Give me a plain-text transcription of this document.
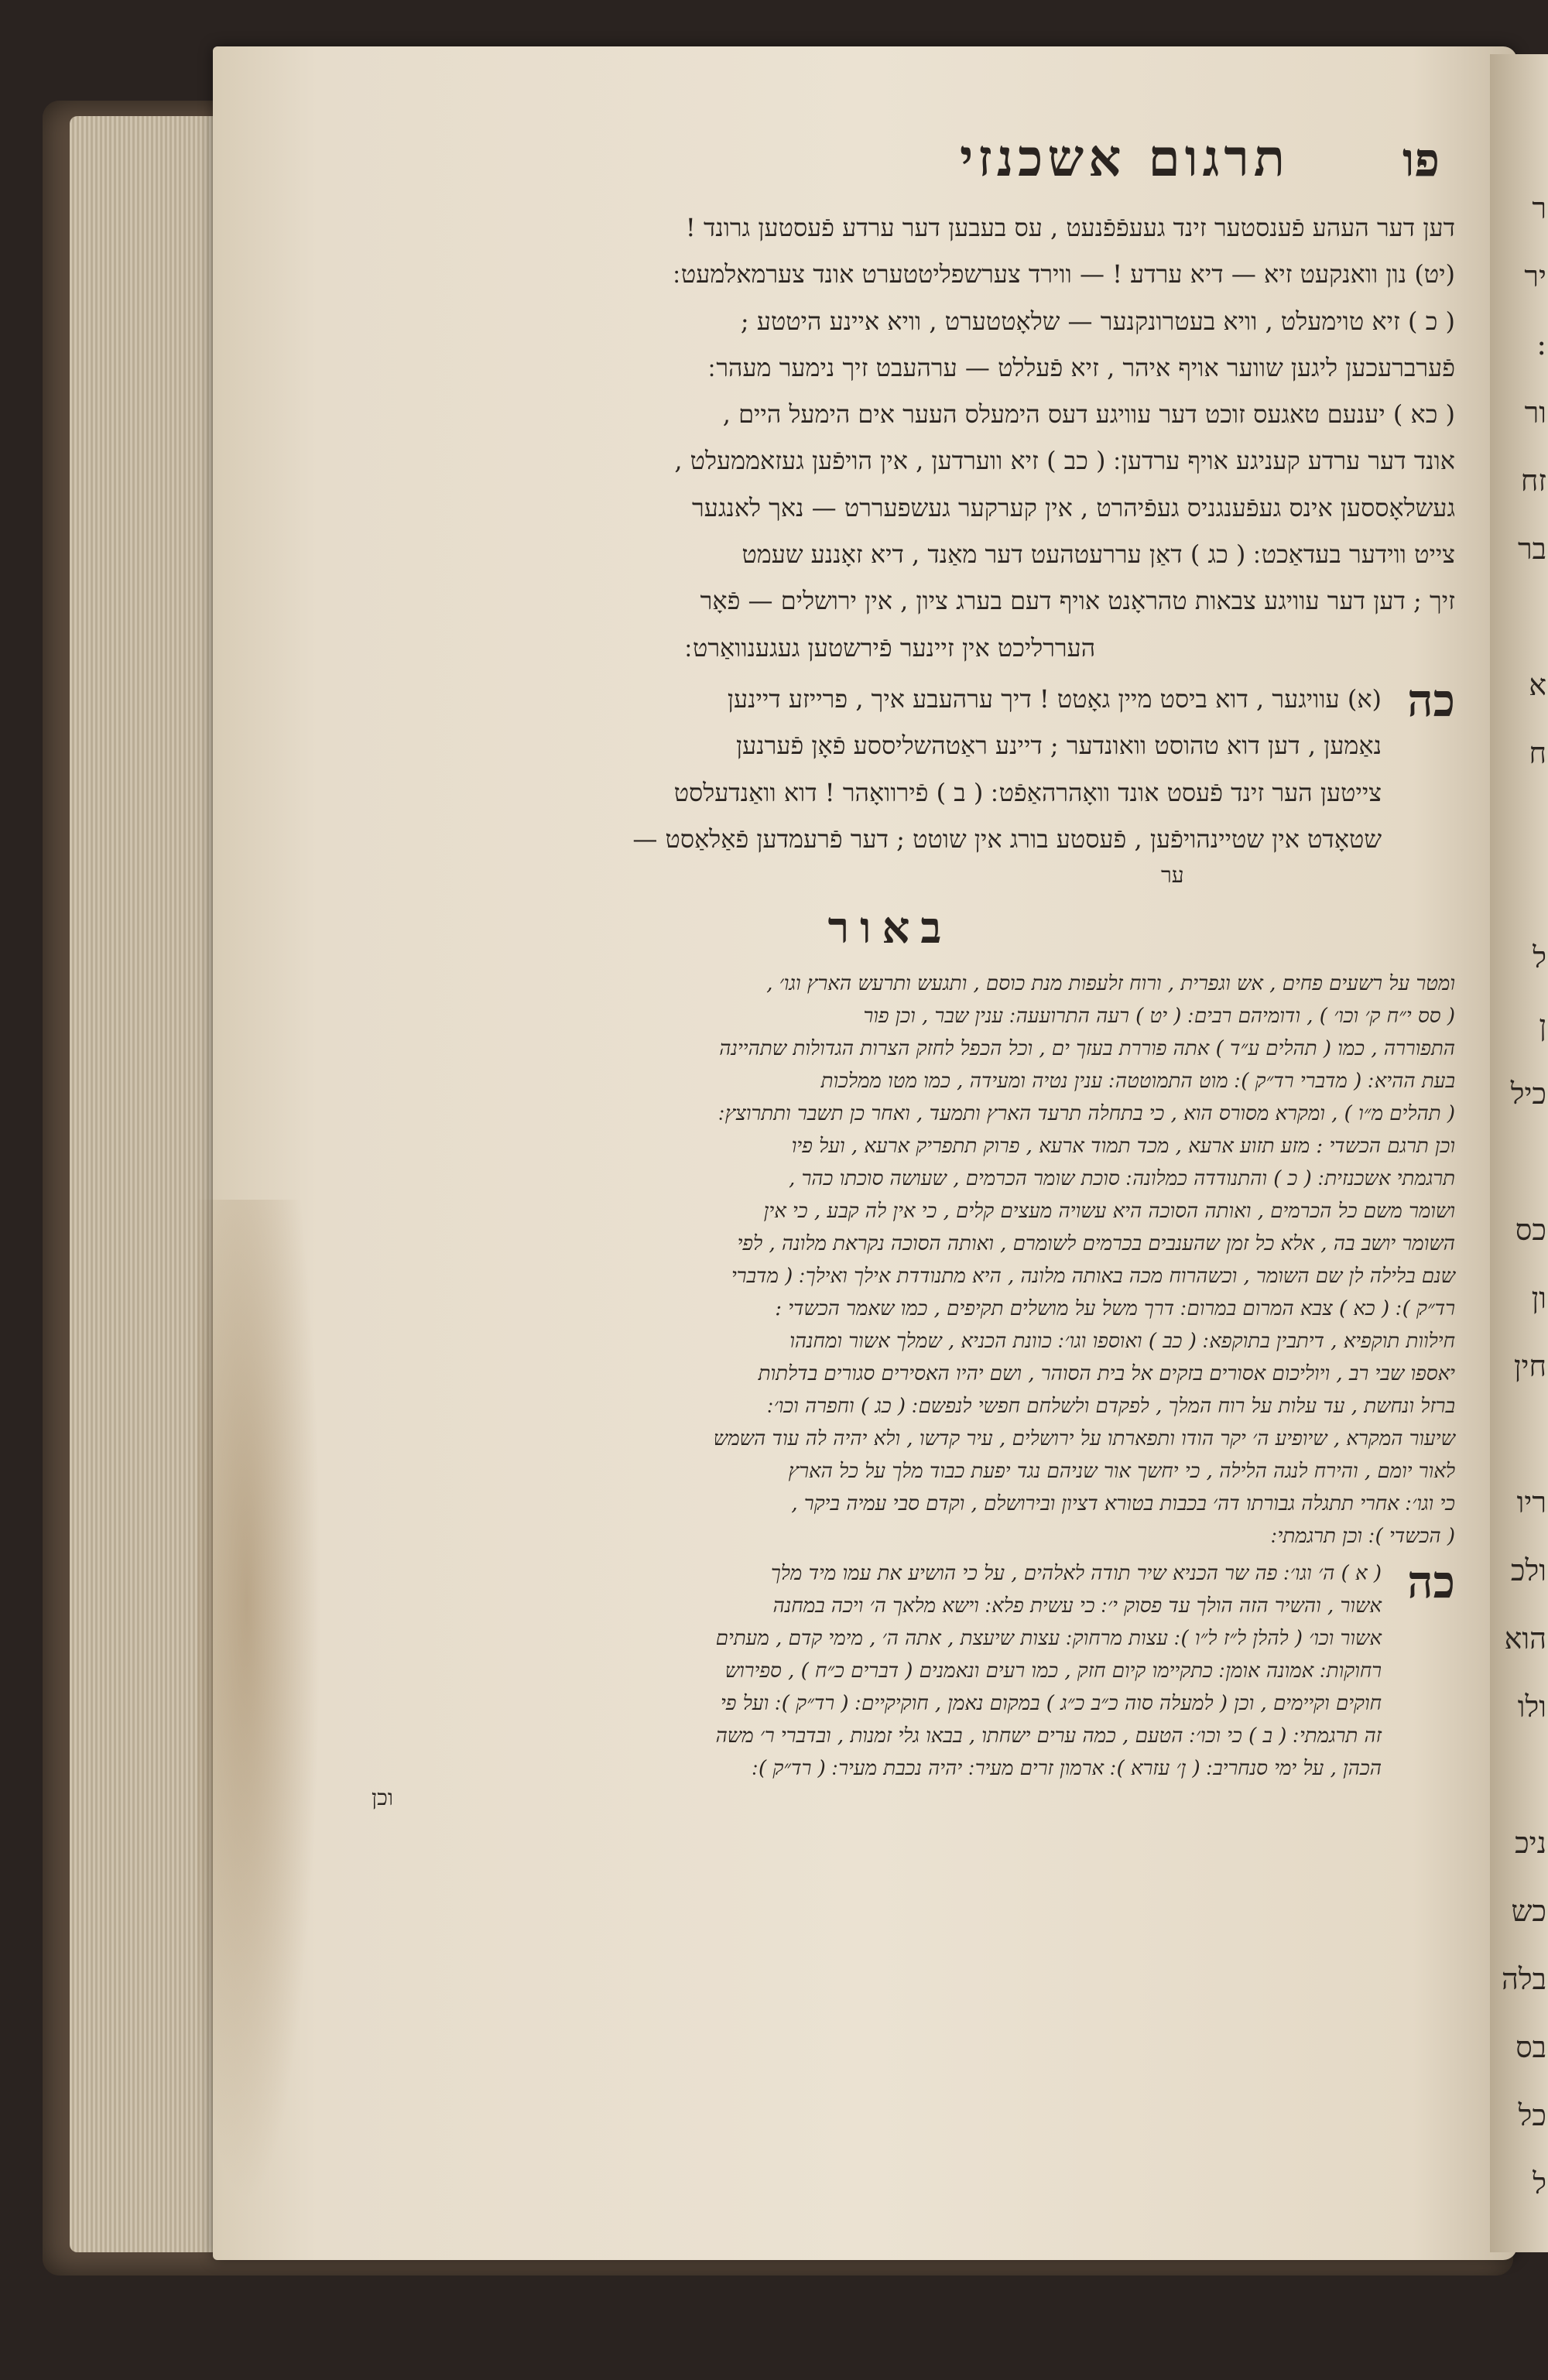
ר
יר
:
ור
זח
בר
א
ח
ל
ן
כיל
כס
ון
חין
ריו
ולכ
הוא
ולו
ניכ
כש
בלה
בס
כל
ל
פו
תרגום אשכנזי
דען דער העהע פֿענסטער זינד געעפֿפֿנעט , עס בעבען דער ערדע פֿעסטען גרונד !
(יט) נון וואנקעט זיא — דיא ערדע ! — ווירד צערשפליטטערט אונד צערמאלמעט ׃
( כ ) זיא טוימעלט , וויא בעטרונקנער — שלאָטטערט , וויא איינע היטטע ;
פֿערברעכען ליגען שווער אויף איהר , זיא פֿעללט — ערהעבט זיך נימער מעהר ׃
( כא ) יענעם טאגעס זוכט דער עוויגע דעס הימעלס העער אים הימעל היים ,
אונד דער ערדע קעניגע אויף ערדען ׃ ( כב ) זיא ווערדען , אין הויפֿען געזאממעלט ,
געשלאָססען אינס געפֿענגניס געפֿיהרט , אין קערקער געשפעררט — נאך לאנגער
צייט ווידער בעדאַכט ׃ ( כג ) דאַן עררעטהעט דער מאַנד , דיא זאָננע שעמט
זיך ; דען דער עוויגע צבאות טהראָנט אויף דעם בערג ציון , אין ירושלים — פֿאָר
העררליכט אין זיינער פֿירשטען געגענוואַרט ׃
כה
(א) עוויגער , דוא ביסט מיין גאָטט ! דיך ערהעבע איך , פרייזע דיינען
נאַמען , דען דוא טהוסט וואונדער ; דיינע ראַטהשליססע פֿאָן פֿערנען
צייטען הער זינד פֿעסט אונד וואָהרהאַפֿט ׃ ( ב ) פֿירוואָהר ! דוא וואַנדעלסט
שטאָדט אין שטיינהויפֿען , פֿעסטע בורג אין שוטט ; דער פֿרעמדען פֿאַלאַסט —
ער
באור
ומטר על רשעים פחים , אש וגפרית , ורוח זלעפות מנת כוסם , ותגעש ותרעש הארץ וגו׳ ,
( סס י״ח ק׳ וכו׳ ) , ודומיהם רבים ׃ ( יט ) רעה התרועעה ׃ ענין שבר , וכן פור
התפוררה , כמו ( תהלים ע״ד ) אתה פוררת בעזך ים , וכל הכפל לחזק הצרות הגדולות שתהיינה
בעת ההיא ׃ ( מדברי רד״ק ) ׃ מוט התמוטטה ׃ ענין נטיה ומעידה , כמו מטו ממלכות
( תהלים מ״ו ) , ומקרא מסורס הוא , כי בתחלה תרעד הארץ ותמעד , ואחר כן תשבר ותתרוצץ ׃
וכן תרגם הכשדי : מזע תזוע ארעא , מכד תמוד ארעא , פרוק תתפריק ארעא , ועל פיו
תרגמתי אשכנזית ׃ ( כ ) והתנודדה כמלונה ׃ סוכת שומר הכרמים , שעושה סוכתו כהר ,
ושומר משם כל הכרמים , ואותה הסוכה היא עשויה מעצים קלים , כי אין לה קבע , כי אין
השומר יושב בה , אלא כל זמן שהענבים בכרמים לשומרם , ואותה הסוכה נקראת מלונה , לפי
שנם בלילה לן שם השומר , וכשהרוח מכה באותה מלונה , היא מתנודדת אילך ואילך ׃ ( מדברי
רד״ק ) ׃ ( כא ) צבא המרום במרום ׃ דרך משל על מושלים תקיפים , כמו שאמר הכשדי :
חילוות תוקפיא , דיתבין בתוקפא ׃ ( כב ) ואוספו וגו׳ ׃ כוונת הכניא , שמלך אשור ומחנהו
יאספו שבי רב , ויוליכום אסורים בזקים אל בית הסוהר , ושם יהיו האסירים סגורים בדלתות
ברזל ונחשת , עד עלות על רוח המלך , לפקדם ולשלחם חפשי לנפשם ׃ ( כג ) וחפרה וכו׳ ׃
שיעור המקרא , שיופיע ה׳ יקר הודו ותפארתו על ירושלים , עיר קדשו , ולא יהיה לה עוד השמש
לאור יומם , והירח לנגה הלילה , כי יחשך אור שניהם נגד יפעת כבוד מלך על כל הארץ
כי וגו׳ ׃ אחרי תתגלה גבורתו דה׳ בכבות בטורא דציון ובירושלם , וקדם סבי עמיה ביקר ,
( הכשדי ) ׃ וכן תרגמתי ׃
כה
( א ) ה׳ וגו׳ ׃ פה שר הכניא שיר תודה לאלהים , על כי הושיע את עמו מיד מלך
אשור , והשיר הזה הולך עד פסוק י׳ ׃ כי עשית פלא ׃ וישא מלאך ה׳ ויכה במחנה
אשור וכו׳ ( להלן ל״ז ל״ו ) ׃ עצות מרחוק ׃ עצות שיעצת , אתה ה׳ , מימי קדם , מעתים
רחוקות ׃ אמונה אומן ׃ כתקיימו קיום חזק , כמו רעים ונאמנים ( דברים כ״ח ) , ספירוש
חוקים וקיימים , וכן ( למעלה סוה כ״ב כ״ג ) במקום נאמן , חוקיקיים ׃ ( רד״ק ) ׃ ועל פי
זה תרגמתי ׃ ( ב ) כי וכו׳ ׃ הטעם , כמה ערים ישחתו , בבאו גלי זמנות , ובדברי ר׳ משה
הכהן , על ימי סנחריב ׃ ( ן׳ עזרא ) ׃ ארמון זרים מעיר ׃ יהיה נכבת מעיר ׃ ( רד״ק ) ׃
וכן
